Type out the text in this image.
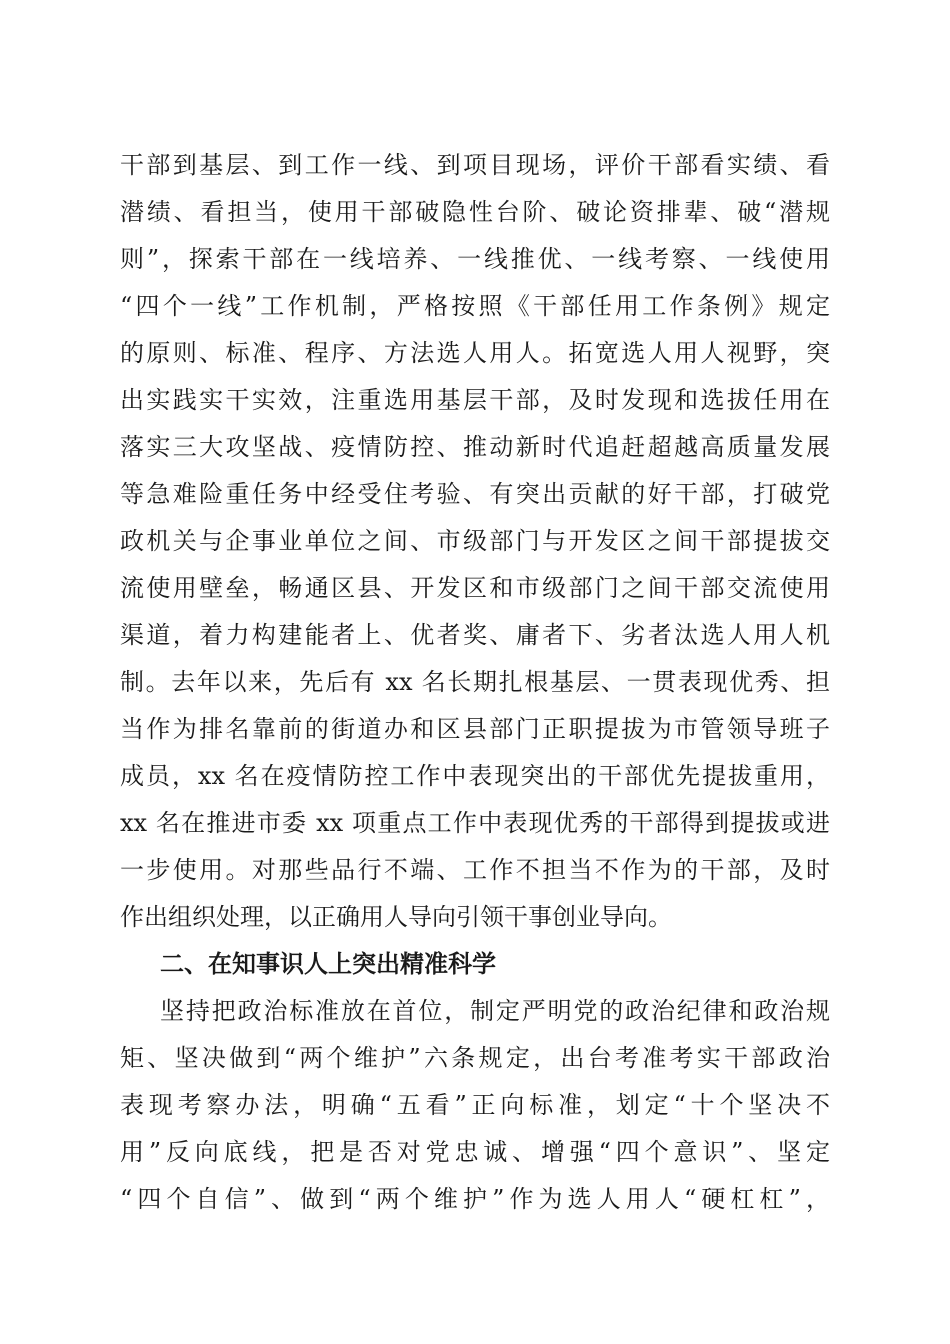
干部到基层、到工作一线、到项目现场，评价干部看实绩、看
潜绩、看担当，使用干部破隐性台阶、破论资排辈、破“潜规
则”，探索干部在一线培养、一线推优、一线考察、一线使用
“四个一线”工作机制，严格按照《干部任用工作条例》规定
的原则、标准、程序、方法选人用人。拓宽选人用人视野，突
出实践实干实效，注重选用基层干部，及时发现和选拔任用在
落实三大攻坚战、疫情防控、推动新时代追赶超越高质量发展
等急难险重任务中经受住考验、有突出贡献的好干部，打破党
政机关与企事业单位之间、市级部门与开发区之间干部提拔交
流使用壁垒，畅通区县、开发区和市级部门之间干部交流使用
渠道，着力构建能者上、优者奖、庸者下、劣者汰选人用人机
制。去年以来，先后有 xx 名长期扎根基层、一贯表现优秀、担
当作为排名靠前的街道办和区县部门正职提拔为市管领导班子
成员，xx 名在疫情防控工作中表现突出的干部优先提拔重用，
xx 名在推进市委 xx 项重点工作中表现优秀的干部得到提拔或进
一步使用。对那些品行不端、工作不担当不作为的干部，及时
作出组织处理，以正确用人导向引领干事创业导向。
二、在知事识人上突出精准科学
坚持把政治标准放在首位，制定严明党的政治纪律和政治规
矩、坚决做到“两个维护”六条规定，出台考准考实干部政治
表现考察办法，明确“五看”正向标准，划定“十个坚决不
用”反向底线，把是否对党忠诚、增强“四个意识”、坚定
“四个自信”、做到“两个维护”作为选人用人“硬杠杠”，
